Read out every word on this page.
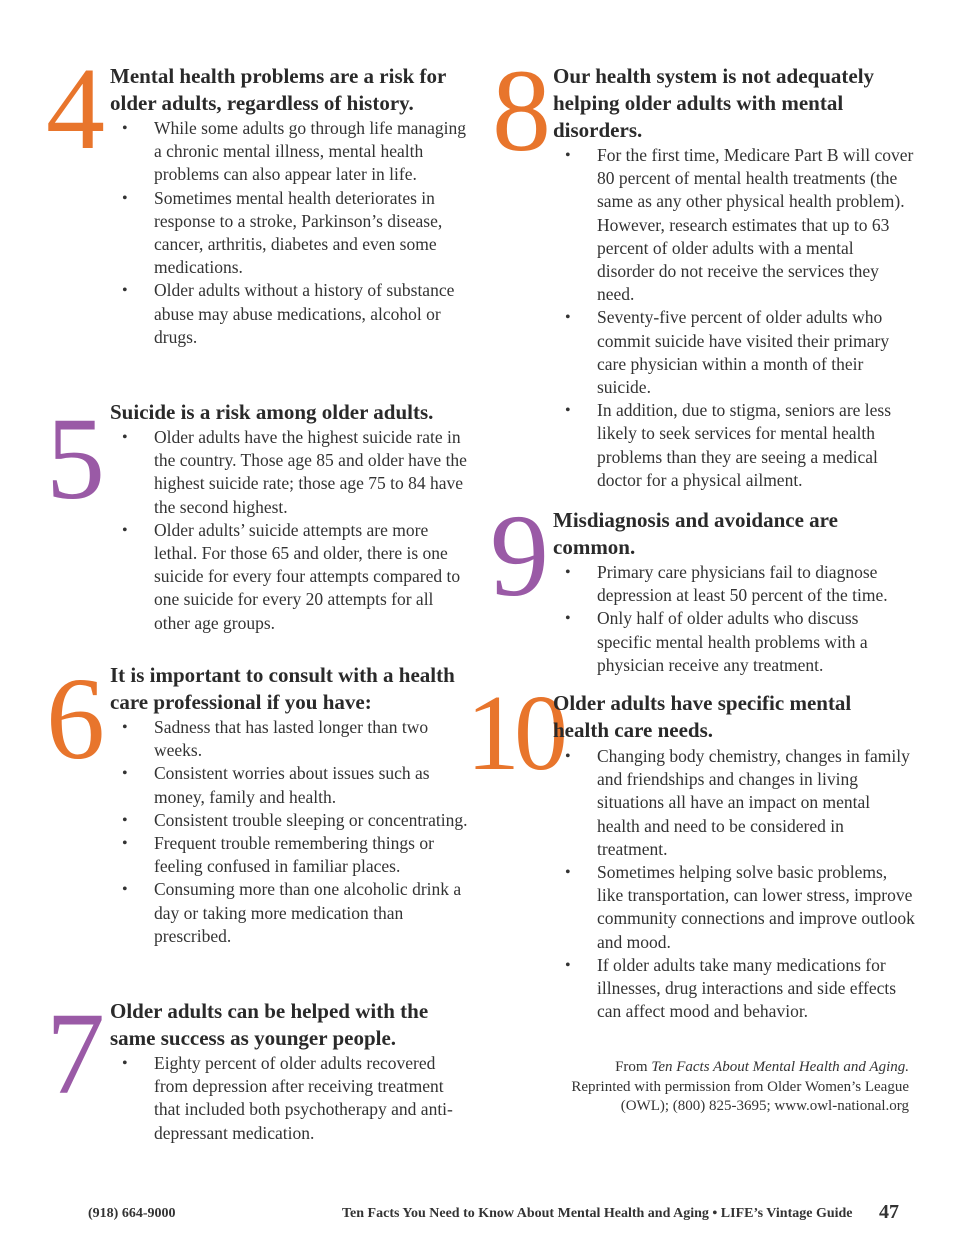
4 Mental health problems are a risk for older adults, regardless of history.
• While some adults go through life managing a chronic mental illness, mental health problems can also appear later in life.
• Sometimes mental health deteriorates in response to a stroke, Parkinson’s disease, cancer, arthritis, diabetes and even some medications.
• Older adults without a history of substance abuse may abuse medications, alcohol or drugs.
5 Suicide is a risk among older adults.
• Older adults have the highest suicide rate in the country. Those age 85 and older have the highest suicide rate; those age 75 to 84 have the second highest.
• Older adults’ suicide attempts are more lethal. For those 65 and older, there is one suicide for every four attempts compared to one suicide for every 20 attempts for all other age groups.
6 It is important to consult with a health care professional if you have:
• Sadness that has lasted longer than two weeks.
• Consistent worries about issues such as money, family and health.
• Consistent trouble sleeping or concentrating.
• Frequent trouble remembering things or feeling confused in familiar places.
• Consuming more than one alcoholic drink a day or taking more medication than prescribed.
7 Older adults can be helped with the same success as younger people.
• Eighty percent of older adults recovered from depression after receiving treatment that included both psychotherapy and anti-depressant medication.
8 Our health system is not adequately helping older adults with mental disorders.
• For the first time, Medicare Part B will cover 80 percent of mental health treatments (the same as any other physical health problem). However, research estimates that up to 63 percent of older adults with a mental disorder do not receive the services they need.
• Seventy-five percent of older adults who commit suicide have visited their primary care physician within a month of their suicide.
• In addition, due to stigma, seniors are less likely to seek services for mental health problems than they are seeing a medical doctor for a physical ailment.
9 Misdiagnosis and avoidance are common.
• Primary care physicians fail to diagnose depression at least 50 percent of the time.
• Only half of older adults who discuss specific mental health problems with a physician receive any treatment.
10
Older adults have specific mental health care needs.
• Changing body chemistry, changes in family and friendships and changes in living situations all have an impact on mental health and need to be considered in treatment.
• Sometimes helping solve basic problems, like transportation, can lower stress, improve community connections and improve outlook and mood.
• If older adults take many medications for illnesses, drug interactions and side effects can affect mood and behavior.
From Ten Facts About Mental Health and Aging.
Reprinted with permission from Older Women’s League
(OWL); (800) 825-3695; www.owl-national.org
(918) 664-9000	Ten Facts You Need to Know About Mental Health and Aging • LIFE’s Vintage Guide 47
